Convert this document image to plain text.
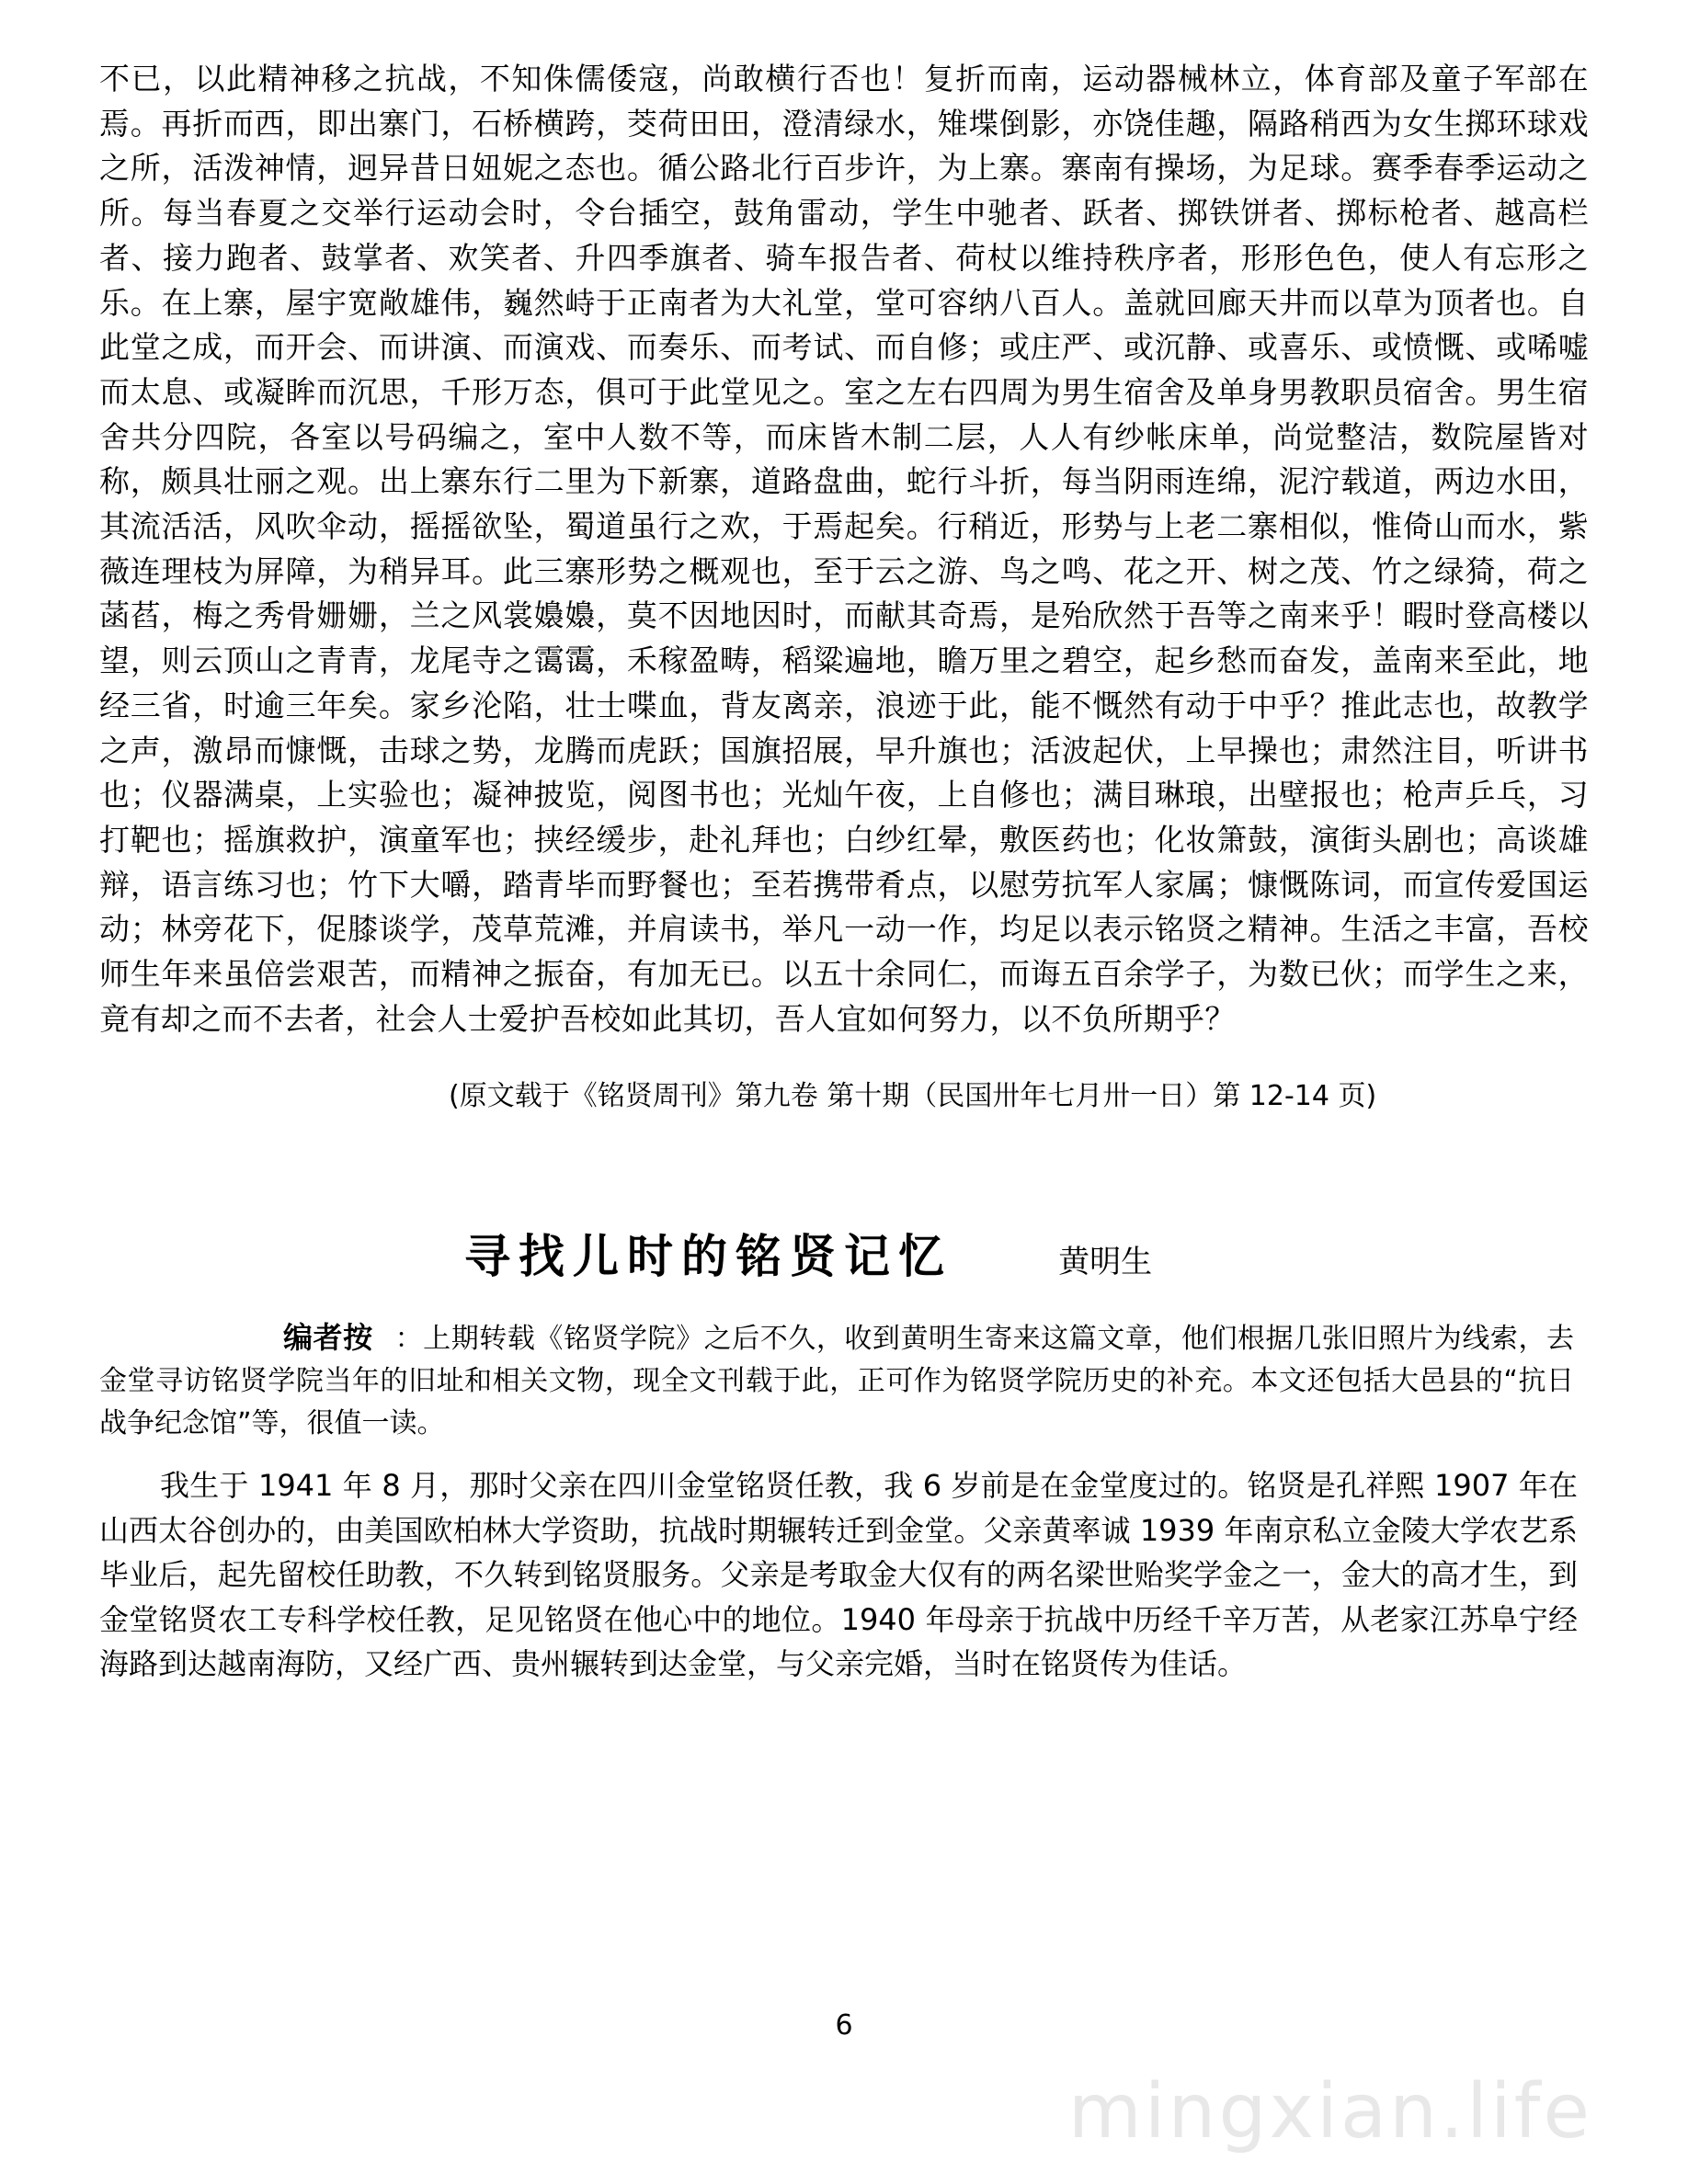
不已，以此精神移之抗战，不知侏儒倭寇，尚敢横行否也！复折而南，运动器械林立，体育部及童子军部在焉。再折而西，即出寨门，石桥横跨，茭荷田田，澄清绿水，雉堞倒影，亦饶佳趣，隔路稍西为女生掷环球戏之所，活泼神情，迥异昔日妞妮之态也。循公路北行百步许，为上寨。寨南有操场，为足球。赛季春季运动之所。每当春夏之交举行运动会时，令台插空，鼓角雷动，学生中驰者、跃者、掷铁饼者、掷标枪者、越高栏者、接力跑者、鼓掌者、欢笑者、升四季旗者、骑车报告者、荷杖以维持秩序者，形形色色，使人有忘形之乐。在上寨，屋宇宽敞雄伟，巍然峙于正南者为大礼堂，堂可容纳八百人。盖就回廊天井而以草为顶者也。自此堂之成，而开会、而讲演、而演戏、而奏乐、而考试、而自修；或庄严、或沉静、或喜乐、或愤慨、或唏嘘而太息、或凝眸而沉思，千形万态，俱可于此堂见之。室之左右四周为男生宿舍及单身男教职员宿舍。男生宿舍共分四院，各室以号码编之，室中人数不等，而床皆木制二层，人人有纱帐床单，尚觉整洁，数院屋皆对称，颇具壮丽之观。出上寨东行二里为下新寨，道路盘曲，蛇行斗折，每当阴雨连绵，泥泞载道，两边水田，其流活活，风吹伞动，摇摇欲坠，蜀道虽行之欢，于焉起矣。行稍近，形势与上老二寨相似，惟倚山而水，紫薇连理枝为屏障，为稍异耳。此三寨形势之概观也，至于云之游、鸟之鸣、花之开、树之茂、竹之绿猗，荷之菡萏，梅之秀骨姗姗，兰之风裳嬝嬝，莫不因地因时，而献其奇焉，是殆欣然于吾等之南来乎！暇时登高楼以望，则云顶山之青青，龙尾寺之霭霭，禾稼盈畴，稻粱遍地，瞻万里之碧空，起乡愁而奋发，盖南来至此，地经三省，时逾三年矣。家乡沦陷，壮士喋血，背友离亲，浪迹于此，能不慨然有动于中乎？推此志也，故教学之声，激昂而慷慨，击球之势，龙腾而虎跃；国旗招展，早升旗也；活波起伏，上早操也；肃然注目，听讲书也；仪器满桌，上实验也；凝神披览，阅图书也；光灿午夜，上自修也；满目琳琅，出壁报也；枪声乒乓，习打靶也；摇旗救护，演童军也；挟经缓步，赴礼拜也；白纱红晕，敷医药也；化妆箫鼓，演街头剧也；高谈雄辩，语言练习也；竹下大嚼，踏青毕而野餐也；至若携带肴点，以慰劳抗军人家属；慷慨陈词，而宣传爱国运动；林旁花下，促膝谈学，茂草荒滩，并肩读书，举凡一动一作，均足以表示铭贤之精神。生活之丰富，吾校师生年来虽倍尝艰苦，而精神之振奋，有加无已。以五十余同仁，而诲五百余学子，为数已伙；而学生之来，竟有却之而不去者，社会人士爱护吾校如此其切，吾人宜如何努力，以不负所期乎？

(原文载于《铭贤周刊》第九卷 第十期（民国卅年七月卅一日）第 12-14 页)
寻找儿时的铭贤记忆	黄明生

编者按 ：上期转载《铭贤学院》之后不久，收到黄明生寄来这篇文章，他们根据几张旧照片为线索，去金堂寻访铭贤学院当年的旧址和相关文物，现全文刊载于此，正可作为铭贤学院历史的补充。本文还包括大邑县的“抗日战争纪念馆”等，很值一读。

我生于 1941 年 8 月，那时父亲在四川金堂铭贤任教，我 6 岁前是在金堂度过的。铭贤是孔祥熙 1907 年在山西太谷创办的，由美国欧柏林大学资助，抗战时期辗转迁到金堂。父亲黄率诚 1939 年南京私立金陵大学农艺系毕业后，起先留校任助教，不久转到铭贤服务。父亲是考取金大仅有的两名梁世贻奖学金之一，金大的高才生，到金堂铭贤农工专科学校任教，足见铭贤在他心中的地位。1940 年母亲于抗战中历经千辛万苦，从老家江苏阜宁经海路到达越南海防，又经广西、贵州辗转到达金堂，与父亲完婚，当时在铭贤传为佳话。

6
mingxian.life
